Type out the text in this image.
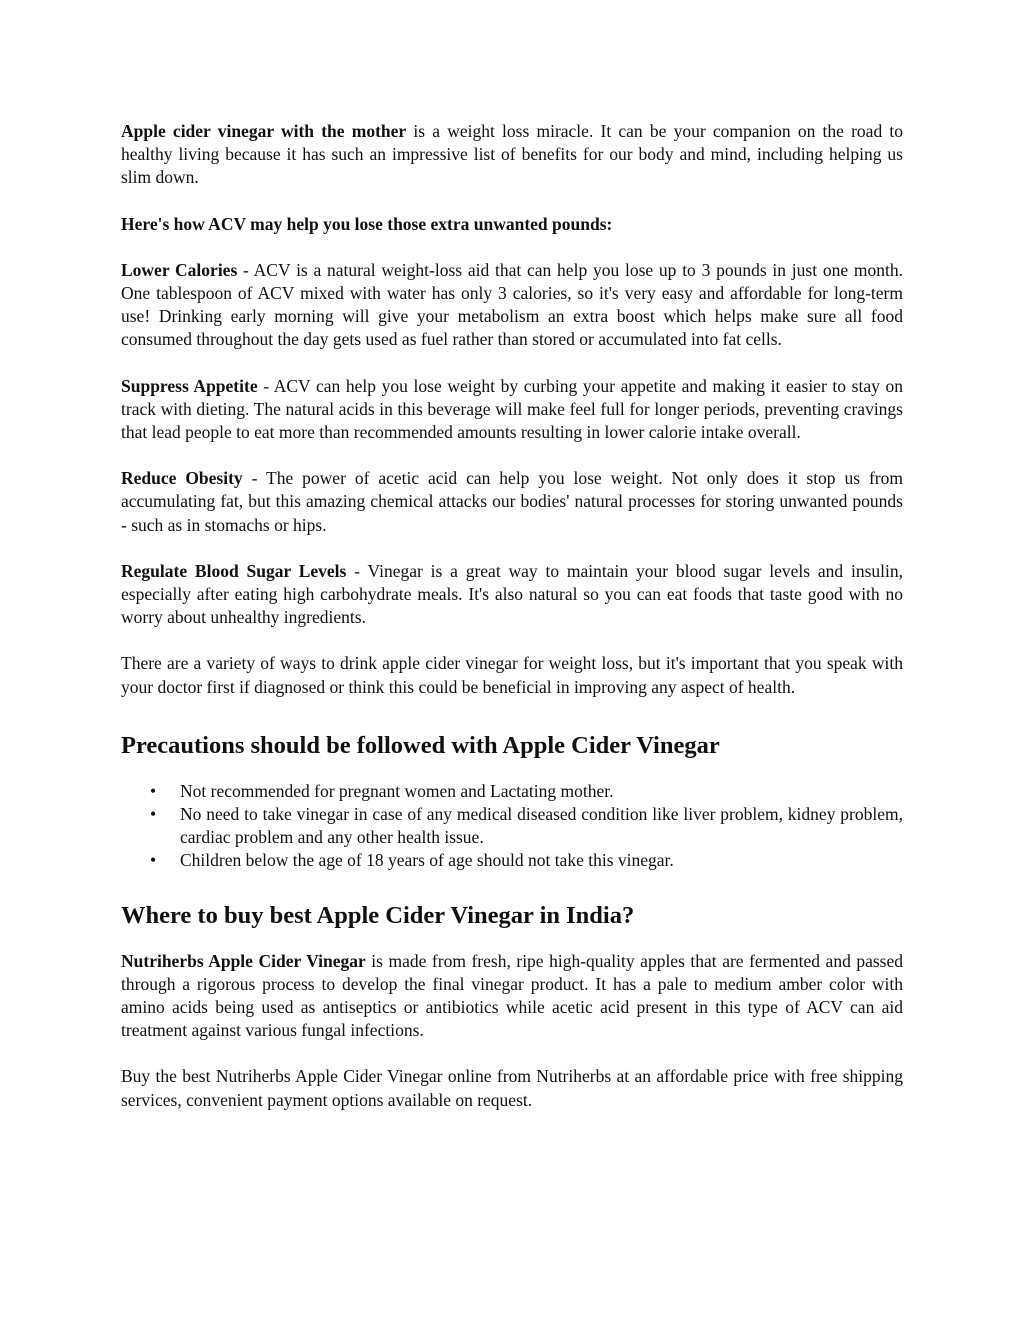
Apple cider vinegar with the mother is a weight loss miracle. It can be your companion on the road to healthy living because it has such an impressive list of benefits for our body and mind, including helping us slim down.

Here's how ACV may help you lose those extra unwanted pounds:

Lower Calories - ACV is a natural weight-loss aid that can help you lose up to 3 pounds in just one month. One tablespoon of ACV mixed with water has only 3 calories, so it's very easy and affordable for long-term use! Drinking early morning will give your metabolism an extra boost which helps make sure all food consumed throughout the day gets used as fuel rather than stored or accumulated into fat cells.

Suppress Appetite - ACV can help you lose weight by curbing your appetite and making it easier to stay on track with dieting. The natural acids in this beverage will make feel full for longer periods, preventing cravings that lead people to eat more than recommended amounts resulting in lower calorie intake overall.

Reduce Obesity - The power of acetic acid can help you lose weight. Not only does it stop us from accumulating fat, but this amazing chemical attacks our bodies' natural processes for storing unwanted pounds - such as in stomachs or hips.

Regulate Blood Sugar Levels - Vinegar is a great way to maintain your blood sugar levels and insulin, especially after eating high carbohydrate meals. It's also natural so you can eat foods that taste good with no worry about unhealthy ingredients.

There are a variety of ways to drink apple cider vinegar for weight loss, but it's important that you speak with your doctor first if diagnosed or think this could be beneficial in improving any aspect of health.

Precautions should be followed with Apple Cider Vinegar
• Not recommended for pregnant women and Lactating mother.
• No need to take vinegar in case of any medical diseased condition like liver problem, kidney problem, cardiac problem and any other health issue.
• Children below the age of 18 years of age should not take this vinegar.
Where to buy best Apple Cider Vinegar in India?

Nutriherbs Apple Cider Vinegar is made from fresh, ripe high-quality apples that are fermented and passed through a rigorous process to develop the final vinegar product. It has a pale to medium amber color with amino acids being used as antiseptics or antibiotics while acetic acid present in this type of ACV can aid treatment against various fungal infections.

Buy the best Nutriherbs Apple Cider Vinegar online from Nutriherbs at an affordable price with free shipping services, convenient payment options available on request.
